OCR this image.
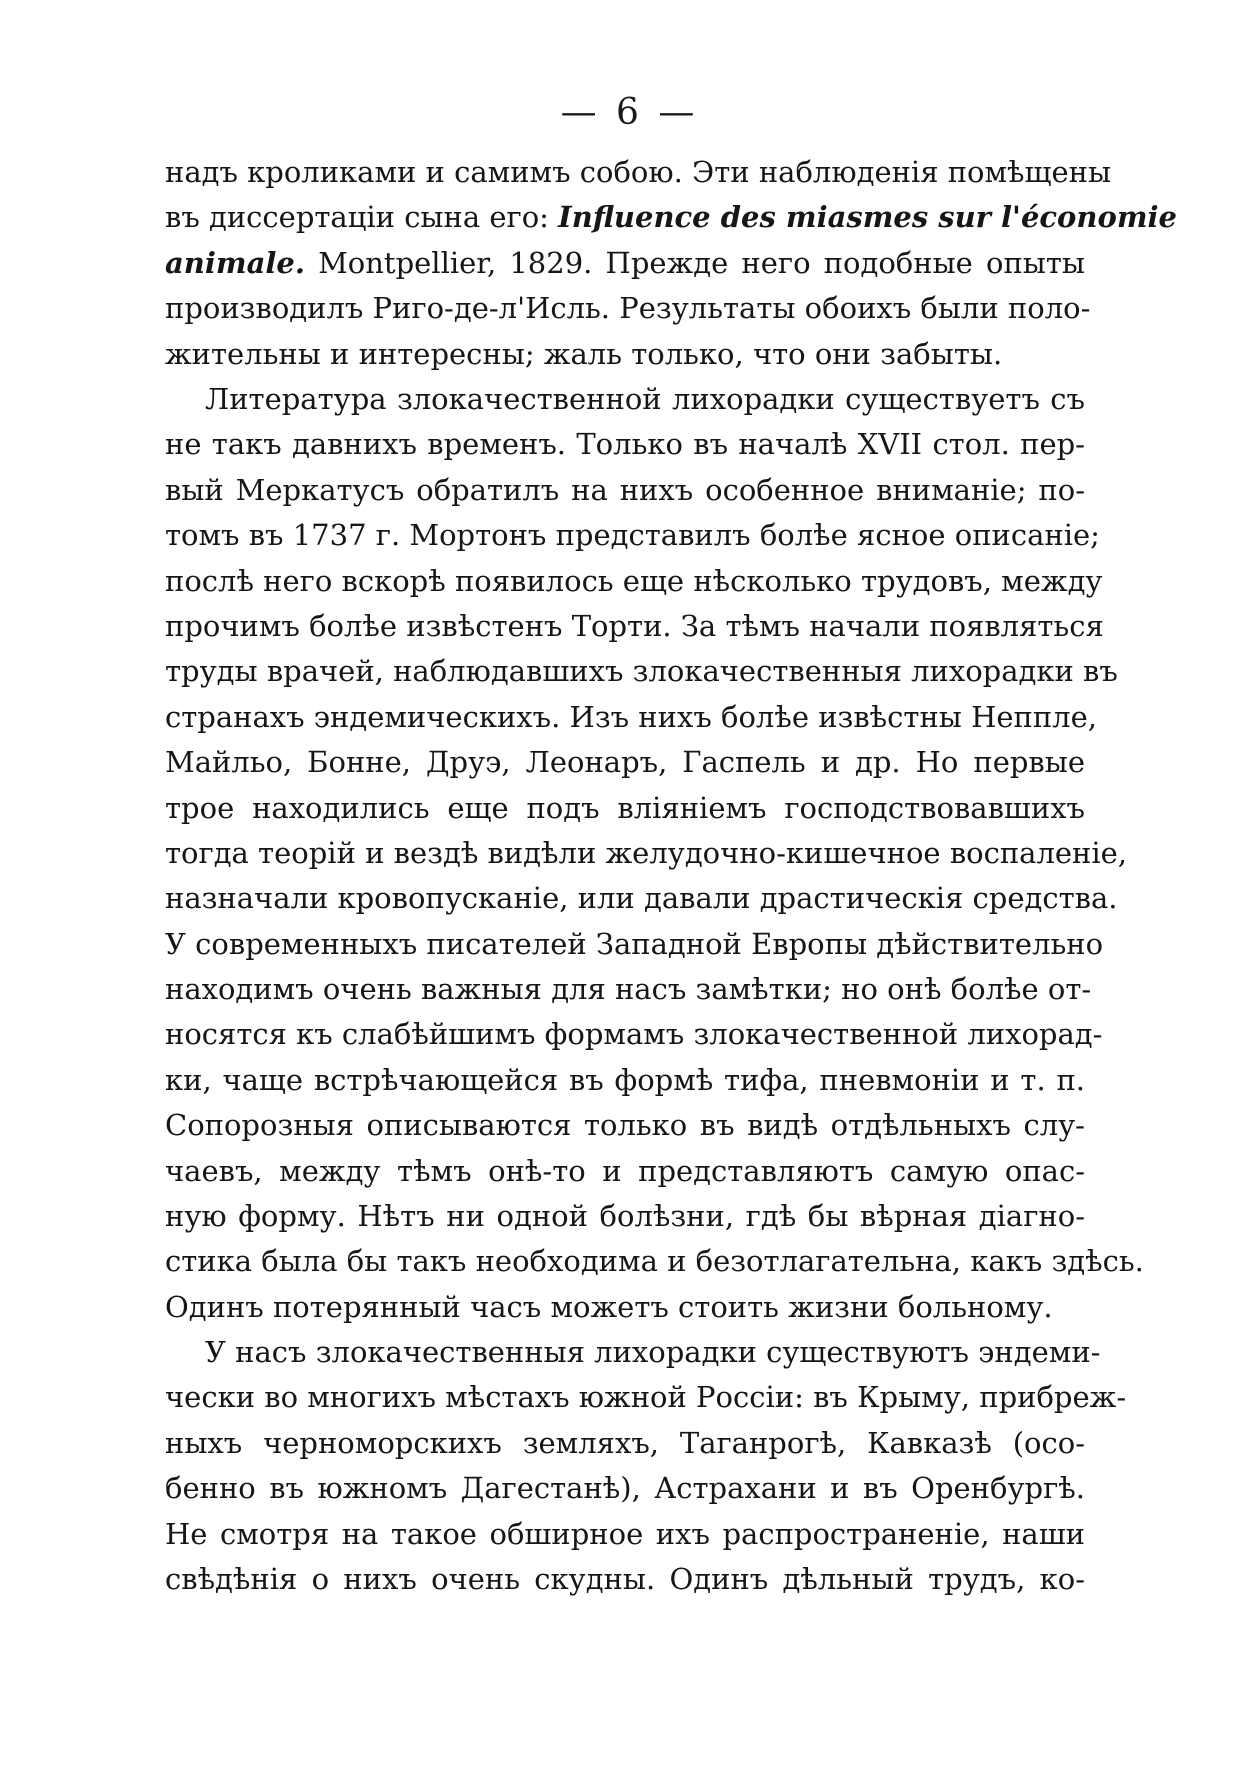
— 6 —
надъ кроликами и самимъ собою. Эти наблюденія помѣщены
въ диссертаціи сына его: Influence des miasmes sur l'économie
animale. Montpellier, 1829. Прежде него подобные опыты
производилъ Риго-де-л'Исль. Результаты обоихъ были поло-
жительны и интересны; жаль только, что они забыты.
Литература злокачественной лихорадки существуетъ съ
не такъ давнихъ временъ. Только въ началѣ XVII стол. пер-
вый Меркатусъ обратилъ на нихъ особенное вниманіе; по-
томъ въ 1737 г. Мортонъ представилъ болѣе ясное описаніе;
послѣ него вскорѣ появилось еще нѣсколько трудовъ, между
прочимъ болѣе извѣстенъ Торти. За тѣмъ начали появляться
труды врачей, наблюдавшихъ злокачественныя лихорадки въ
странахъ эндемическихъ. Изъ нихъ болѣе извѣстны Неппле,
Майльо, Бонне, Друэ, Леонаръ, Гаспель и др. Но первые
трое находились еще подъ вліяніемъ господствовавшихъ
тогда теорій и вездѣ видѣли желудочно-кишечное воспаленіе,
назначали кровопусканіе, или давали драстическія средства.
У современныхъ писателей Западной Европы дѣйствительно
находимъ очень важныя для насъ замѣтки; но онѣ болѣе от-
носятся къ слабѣйшимъ формамъ злокачественной лихорад-
ки, чаще встрѣчающейся въ формѣ тифа, пневмоніи и т. п.
Сопорозныя описываются только въ видѣ отдѣльныхъ слу-
чаевъ, между тѣмъ онѣ-то и представляютъ самую опас-
ную форму. Нѣтъ ни одной болѣзни, гдѣ бы вѣрная діагно-
стика была бы такъ необходима и безотлагательна, какъ здѣсь.
Одинъ потерянный часъ можетъ стоить жизни больному.
У насъ злокачественныя лихорадки существуютъ эндеми-
чески во многихъ мѣстахъ южной Россіи: въ Крыму, прибреж-
ныхъ черноморскихъ земляхъ, Таганрогѣ, Кавказѣ (осо-
бенно въ южномъ Дагестанѣ), Астрахани и въ Оренбургѣ.
Не смотря на такое обширное ихъ распространеніе, наши
свѣдѣнія о нихъ очень скудны. Одинъ дѣльный трудъ, ко-
